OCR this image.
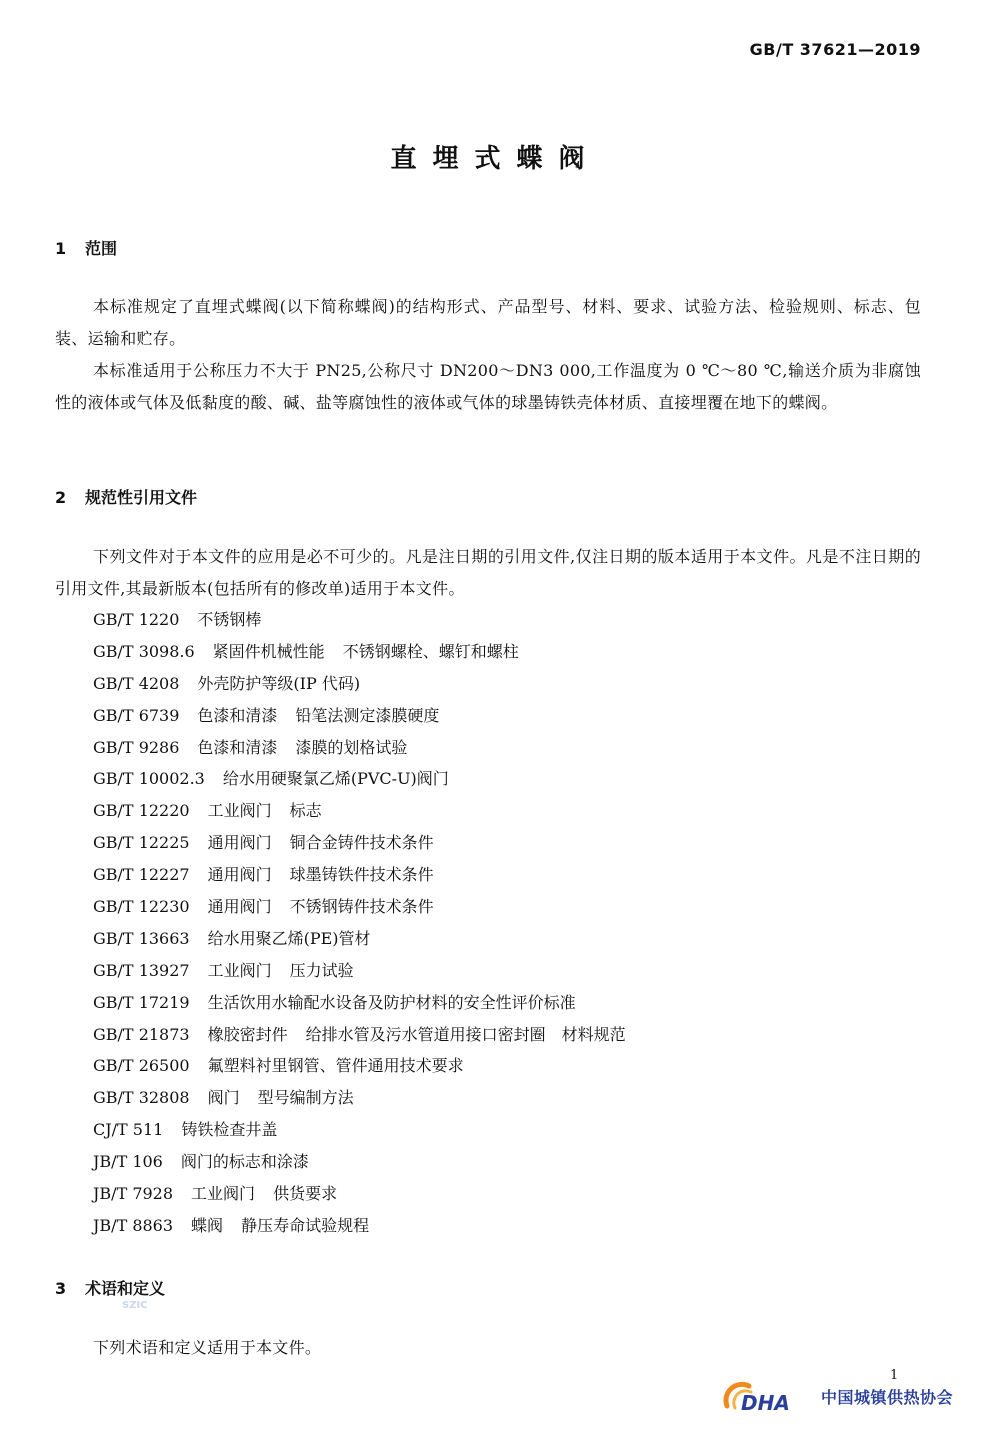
GB/T 37621—2019
直埋式蝶阀
1 范围

本标准规定了直埋式蝶阀(以下简称蝶阀)的结构形式、产品型号、材料、要求、试验方法、检验规则、标志、包装、运输和贮存。

本标准适用于公称压力不大于 PN25,公称尺寸 DN200～DN3 000,工作温度为 0 ℃～80 ℃,输送介质为非腐蚀性的液体或气体及低黏度的酸、碱、盐等腐蚀性的液体或气体的球墨铸铁壳体材质、直接埋覆在地下的蝶阀。

2 规范性引用文件

下列文件对于本文件的应用是必不可少的。凡是注日期的引用文件,仅注日期的版本适用于本文件。凡是不注日期的引用文件,其最新版本(包括所有的修改单)适用于本文件。

GB/T 1220 不锈钢棒
GB/T 3098.6 紧固件机械性能 不锈钢螺栓、螺钉和螺柱
GB/T 4208 外壳防护等级(IP 代码)
GB/T 6739 色漆和清漆 铅笔法测定漆膜硬度
GB/T 9286 色漆和清漆 漆膜的划格试验
GB/T 10002.3 给水用硬聚氯乙烯(PVC-U)阀门
GB/T 12220 工业阀门 标志
GB/T 12225 通用阀门 铜合金铸件技术条件
GB/T 12227 通用阀门 球墨铸铁件技术条件
GB/T 12230 通用阀门 不锈钢铸件技术条件
GB/T 13663 给水用聚乙烯(PE)管材
GB/T 13927 工业阀门 压力试验
GB/T 17219 生活饮用水输配水设备及防护材料的安全性评价标准
GB/T 21873 橡胶密封件 给排水管及污水管道用接口密封圈　材料规范
GB/T 26500 氟塑料衬里钢管、管件通用技术要求
GB/T 32808 阀门 型号编制方法
CJ/T 511 铸铁检查井盖
JB/T 106 阀门的标志和涂漆
JB/T 7928 工业阀门 供货要求
JB/T 8863 蝶阀 静压寿命试验规程
3 术语和定义

下列术语和定义适用于本文件。

SZIC
1
DHA 中国城镇供热协会
